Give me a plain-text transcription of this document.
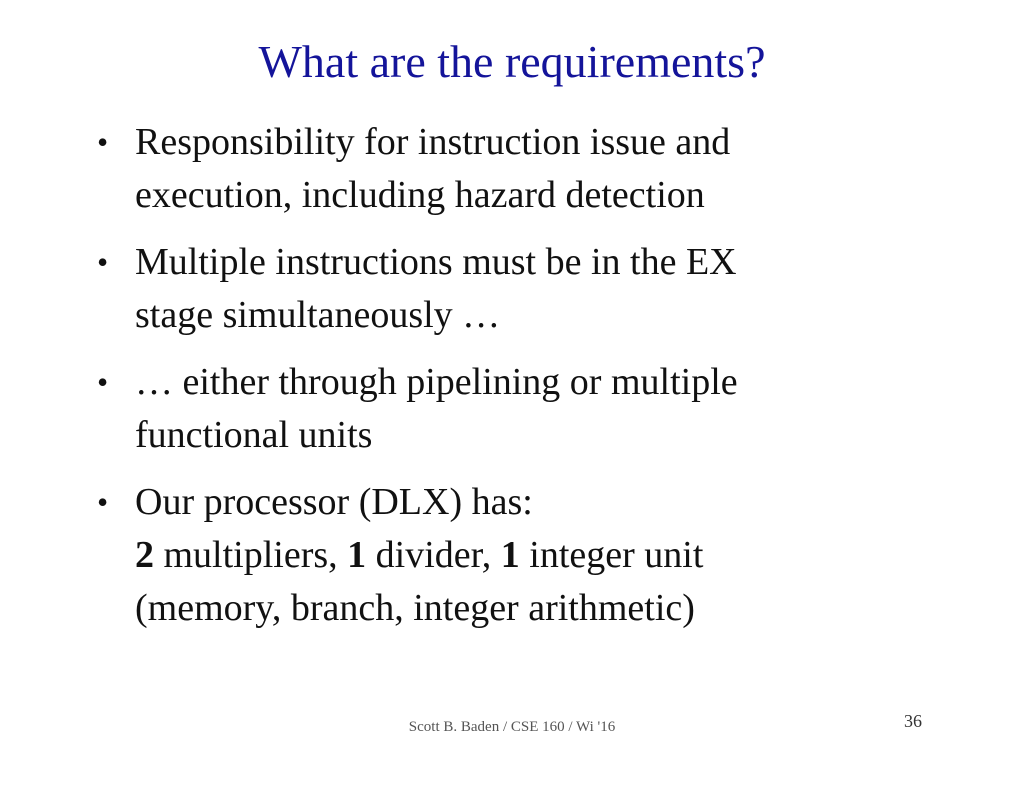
What are the requirements?
• Responsibility for instruction issue and
execution, including hazard detection
• Multiple instructions must be in the EX
stage simultaneously …
• … either through pipelining or multiple
functional units
• Our processor (DLX) has:
2 multipliers, 1 divider, 1 integer unit
(memory, branch, integer arithmetic)
Scott B. Baden / CSE 160 / Wi '16	36
